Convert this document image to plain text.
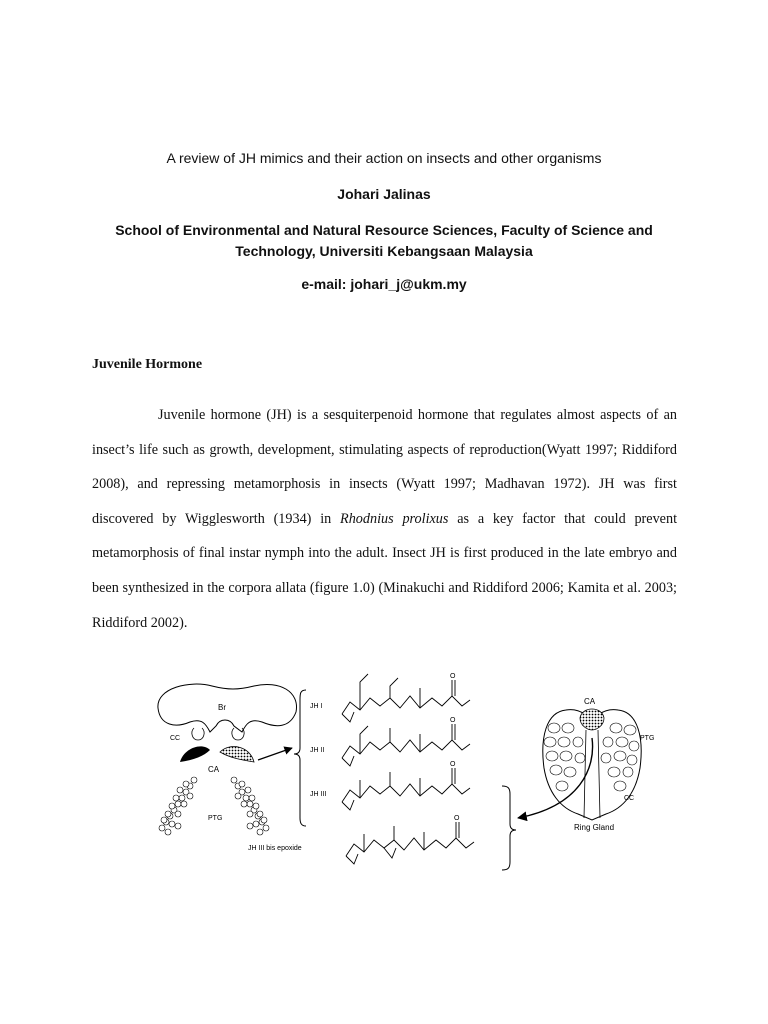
A review of JH mimics and their action on insects and other organisms
Johari Jalinas
School of Environmental and Natural Resource Sciences, Faculty of Science and
Technology, Universiti Kebangsaan Malaysia
e-mail: johari_j@ukm.my
Juvenile Hormone

Juvenile hormone (JH) is a sesquiterpenoid hormone that regulates almost aspects of an insect’s life such as growth, development, stimulating aspects of reproduction(Wyatt 1997; Riddiford 2008), and repressing metamorphosis in insects (Wyatt 1997; Madhavan 1972). JH was first discovered by Wigglesworth (1934) in Rhodnius prolixus as a key factor that could prevent metamorphosis of final instar nymph into the adult. Insect JH is first produced in the late embryo and been synthesized in the corpora allata (figure 1.0) (Minakuchi and Riddiford 2006; Kamita et al. 2003; Riddiford 2002).

Br
CC
CA
PTG
JH I
JH II
JH III
JH III bis epoxide
O
O
O
O
CA
PTG
CC
Ring Gland
